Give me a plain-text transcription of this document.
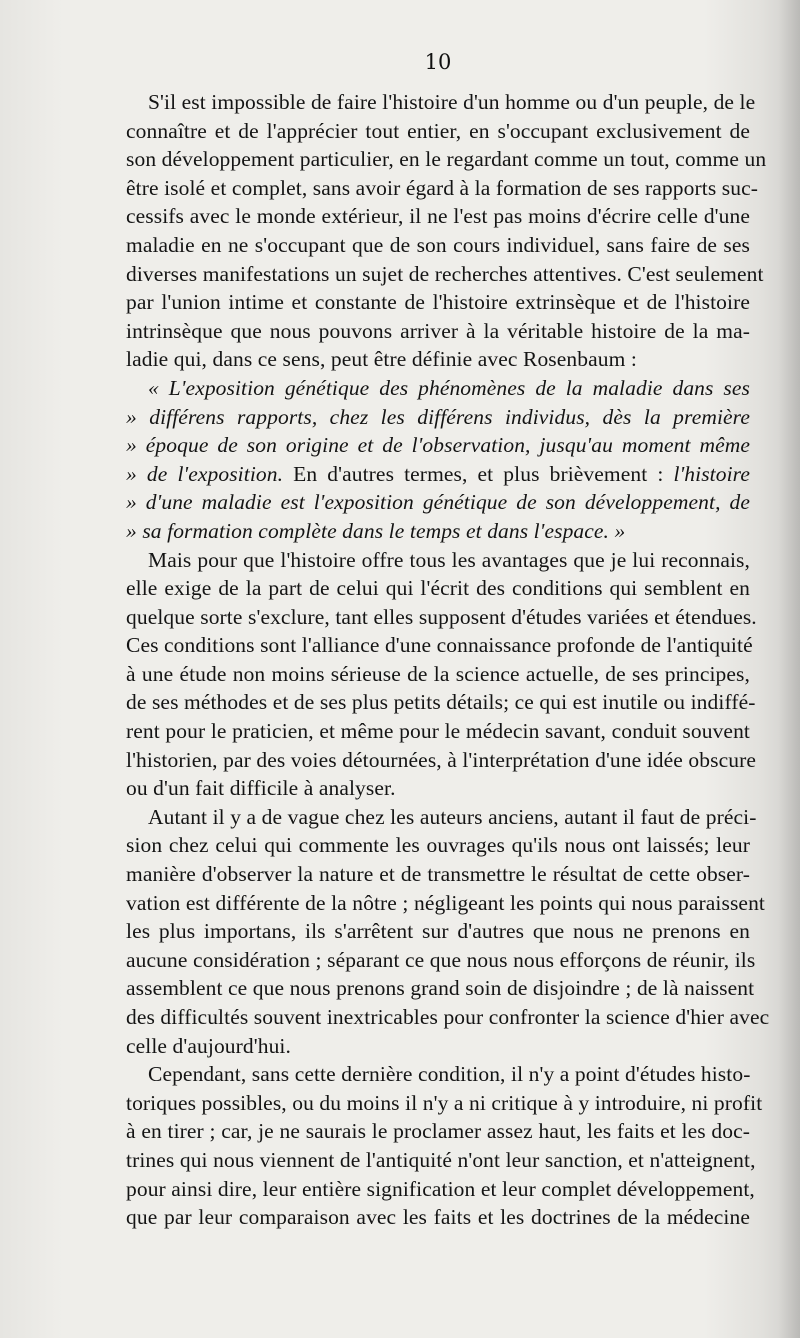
10
S'il est impossible de faire l'histoire d'un homme ou d'un peuple, de le
connaître et de l'apprécier tout entier, en s'occupant exclusivement de
son développement particulier, en le regardant comme un tout, comme un
être isolé et complet, sans avoir égard à la formation de ses rapports suc-
cessifs avec le monde extérieur, il ne l'est pas moins d'écrire celle d'une
maladie en ne s'occupant que de son cours individuel, sans faire de ses
diverses manifestations un sujet de recherches attentives. C'est seulement
par l'union intime et constante de l'histoire extrinsèque et de l'histoire
intrinsèque que nous pouvons arriver à la véritable histoire de la ma-
ladie qui, dans ce sens, peut être définie avec Rosenbaum :
« L'exposition génétique des phénomènes de la maladie dans ses
» différens rapports, chez les différens individus, dès la première
» époque de son origine et de l'observation, jusqu'au moment même
» de l'exposition. En d'autres termes, et plus brièvement : l'histoire
» d'une maladie est l'exposition génétique de son développement, de
» sa formation complète dans le temps et dans l'espace. »
Mais pour que l'histoire offre tous les avantages que je lui reconnais,
elle exige de la part de celui qui l'écrit des conditions qui semblent en
quelque sorte s'exclure, tant elles supposent d'études variées et étendues.
Ces conditions sont l'alliance d'une connaissance profonde de l'antiquité
à une étude non moins sérieuse de la science actuelle, de ses principes,
de ses méthodes et de ses plus petits détails; ce qui est inutile ou indiffé-
rent pour le praticien, et même pour le médecin savant, conduit souvent
l'historien, par des voies détournées, à l'interprétation d'une idée obscure
ou d'un fait difficile à analyser.
Autant il y a de vague chez les auteurs anciens, autant il faut de préci-
sion chez celui qui commente les ouvrages qu'ils nous ont laissés; leur
manière d'observer la nature et de transmettre le résultat de cette obser-
vation est différente de la nôtre ; négligeant les points qui nous paraissent
les plus importans, ils s'arrêtent sur d'autres que nous ne prenons en
aucune considération ; séparant ce que nous nous efforçons de réunir, ils
assemblent ce que nous prenons grand soin de disjoindre ; de là naissent
des difficultés souvent inextricables pour confronter la science d'hier avec
celle d'aujourd'hui.
Cependant, sans cette dernière condition, il n'y a point d'études histo-
toriques possibles, ou du moins il n'y a ni critique à y introduire, ni profit
à en tirer ; car, je ne saurais le proclamer assez haut, les faits et les doc-
trines qui nous viennent de l'antiquité n'ont leur sanction, et n'atteignent,
pour ainsi dire, leur entière signification et leur complet développement,
que par leur comparaison avec les faits et les doctrines de la médecine
